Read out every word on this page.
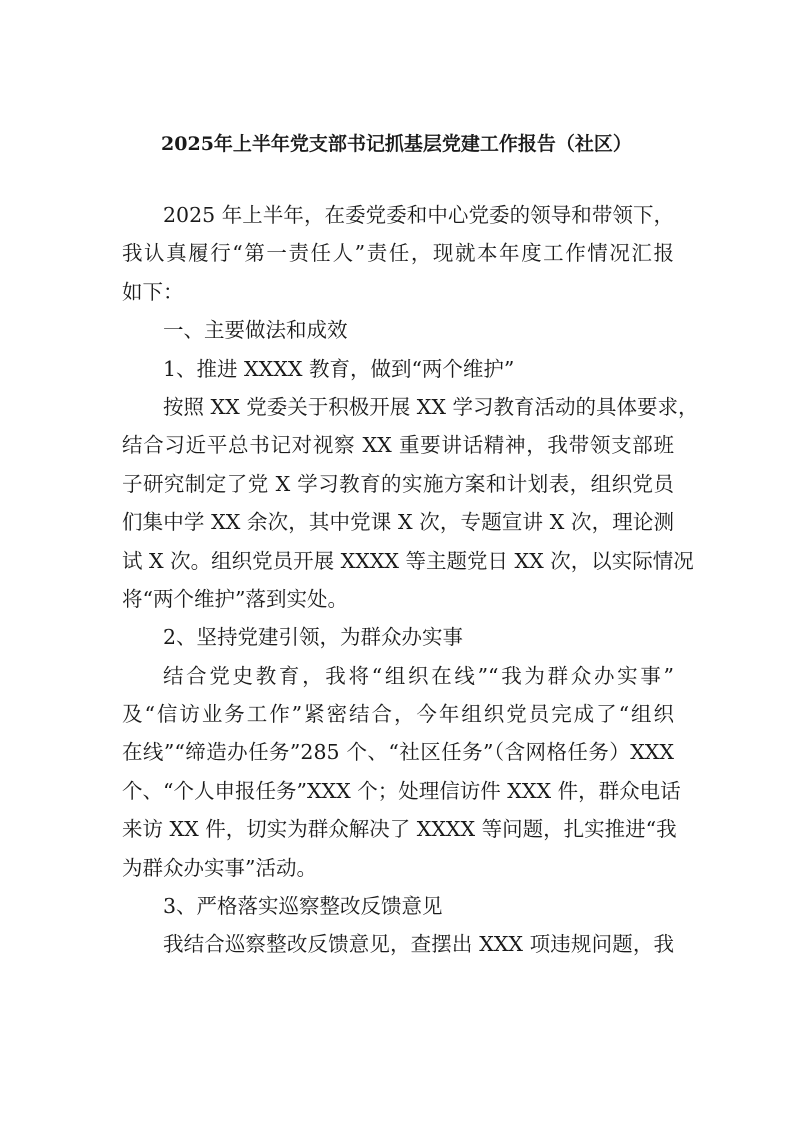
2025年上半年党支部书记抓基层党建工作报告（社区）
2025 年上半年，在委党委和中心党委的领导和带领下，
我认真履行“第一责任人”责任，现就本年度工作情况汇报
如下：
一、主要做法和成效
1、推进 XXXX 教育，做到“两个维护”
按照 XX 党委关于积极开展 XX 学习教育活动的具体要求，
结合习近平总书记对视察 XX 重要讲话精神，我带领支部班
子研究制定了党 X 学习教育的实施方案和计划表，组织党员
们集中学 XX 余次，其中党课 X 次，专题宣讲 X 次，理论测
试 X 次。组织党员开展 XXXX 等主题党日 XX 次，以实际情况
将“两个维护”落到实处。
2、坚持党建引领，为群众办实事
结合党史教育，我将“组织在线”“我为群众办实事”
及“信访业务工作”紧密结合，今年组织党员完成了“组织
在线”“缔造办任务”285 个、“社区任务”（含网格任务）XXX
个、“个人申报任务”XXX 个；处理信访件 XXX 件，群众电话
来访 XX 件，切实为群众解决了 XXXX 等问题，扎实推进“我
为群众办实事”活动。
3、严格落实巡察整改反馈意见
我结合巡察整改反馈意见，查摆出 XXX 项违规问题，我
